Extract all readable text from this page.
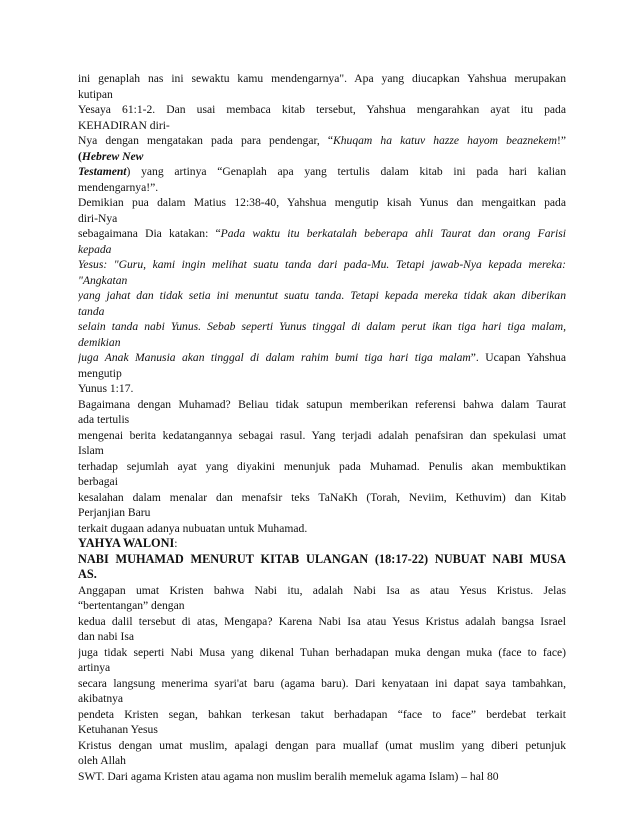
ini genaplah nas ini sewaktu kamu mendengarnya". Apa yang diucapkan Yahshua merupakan
kutipan
Yesaya 61:1-2. Dan usai membaca kitab tersebut, Yahshua mengarahkan ayat itu pada
KEHADIRAN diri-
Nya dengan mengatakan pada para pendengar, “Khuqam ha katuv hazze hayom beaznekem!”
(Hebrew New
Testament) yang artinya “Genaplah apa yang tertulis dalam kitab ini pada hari kalian
mendengarnya!”.
Demikian pua dalam Matius 12:38-40, Yahshua mengutip kisah Yunus dan mengaitkan pada
diri-Nya
sebagaimana Dia katakan: “Pada waktu itu berkatalah beberapa ahli Taurat dan orang Farisi
kepada
Yesus: "Guru, kami ingin melihat suatu tanda dari pada-Mu. Tetapi jawab-Nya kepada mereka:
"Angkatan
yang jahat dan tidak setia ini menuntut suatu tanda. Tetapi kepada mereka tidak akan diberikan
tanda
selain tanda nabi Yunus. Sebab seperti Yunus tinggal di dalam perut ikan tiga hari tiga malam,
demikian
juga Anak Manusia akan tinggal di dalam rahim bumi tiga hari tiga malam”. Ucapan Yahshua
mengutip
Yunus 1:17.
Bagaimana dengan Muhamad? Beliau tidak satupun memberikan referensi bahwa dalam Taurat
ada tertulis
mengenai berita kedatangannya sebagai rasul. Yang terjadi adalah penafsiran dan spekulasi umat
Islam
terhadap sejumlah ayat yang diyakini menunjuk pada Muhamad. Penulis akan membuktikan
berbagai
kesalahan dalam menalar dan menafsir teks TaNaKh (Torah, Neviim, Kethuvim) dan Kitab
Perjanjian Baru
terkait dugaan adanya nubuatan untuk Muhamad.
YAHYA WALONI:
NABI MUHAMAD MENURUT KITAB ULANGAN (18:17-22) NUBUAT NABI MUSA
AS.
Anggapan umat Kristen bahwa Nabi itu, adalah Nabi Isa as atau Yesus Kristus. Jelas
“bertentangan” dengan
kedua dalil tersebut di atas, Mengapa? Karena Nabi Isa atau Yesus Kristus adalah bangsa Israel
dan nabi Isa
juga tidak seperti Nabi Musa yang dikenal Tuhan berhadapan muka dengan muka (face to face)
artinya
secara langsung menerima syari'at baru (agama baru). Dari kenyataan ini dapat saya tambahkan,
akibatnya
pendeta Kristen segan, bahkan terkesan takut berhadapan “face to face” berdebat terkait
Ketuhanan Yesus
Kristus dengan umat muslim, apalagi dengan para muallaf (umat muslim yang diberi petunjuk
oleh Allah
SWT. Dari agama Kristen atau agama non muslim beralih memeluk agama Islam) – hal 80
